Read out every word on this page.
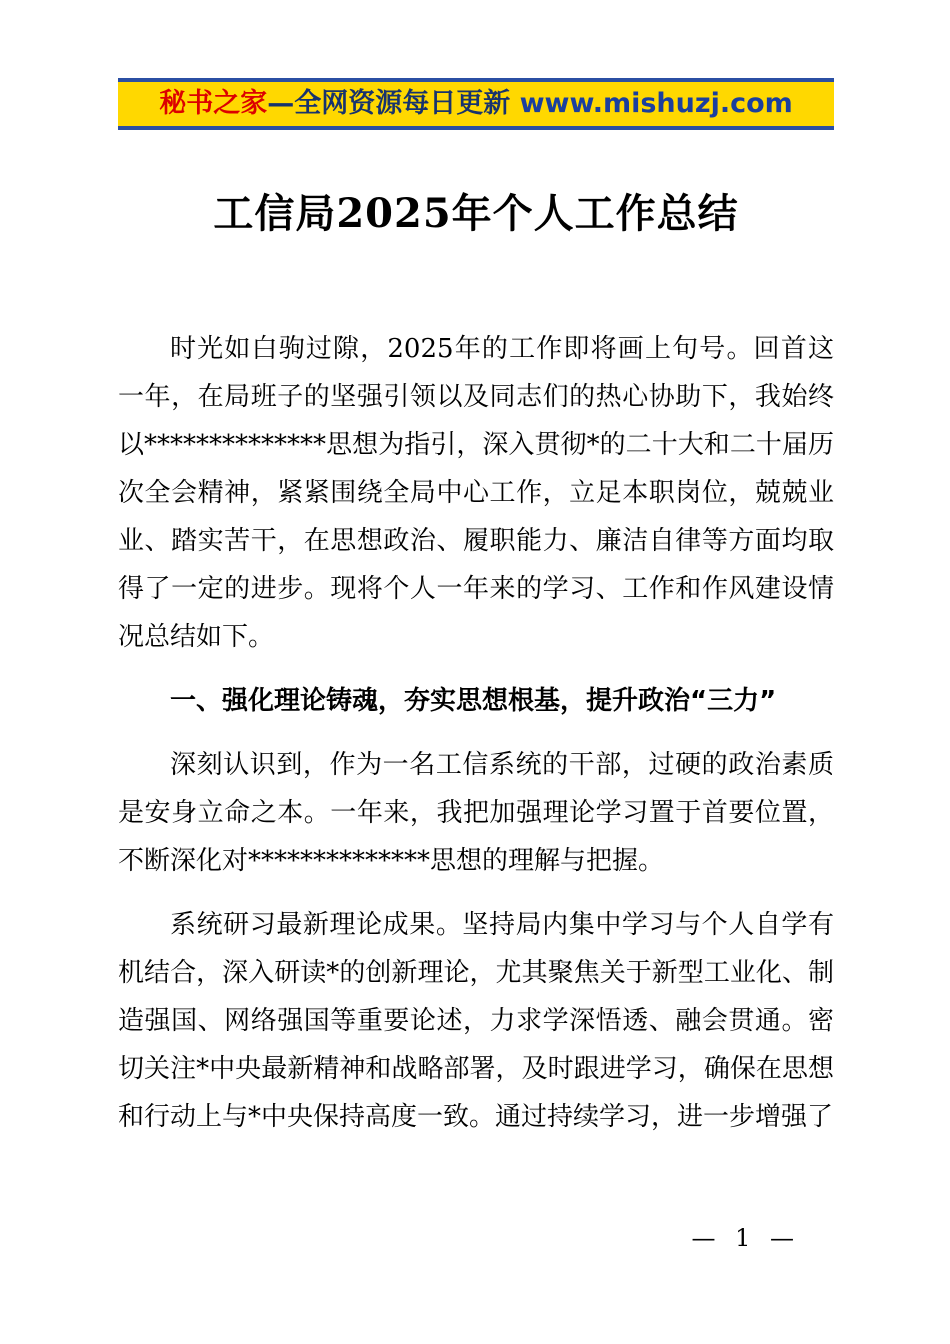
秘书之家—全网资源每日更新 www.mishuzj.com
工信局2025年个人工作总结

时光如白驹过隙，2025年的工作即将画上句号。回首这一年，在局班子的坚强引领以及同志们的热心协助下，我始终以**************思想为指引，深入贯彻*的二十大和二十届历次全会精神，紧紧围绕全局中心工作，立足本职岗位，兢兢业业、踏实苦干，在思想政治、履职能力、廉洁自律等方面均取得了一定的进步。现将个人一年来的学习、工作和作风建设情况总结如下。

一、强化理论铸魂，夯实思想根基，提升政治“三力”

深刻认识到，作为一名工信系统的干部，过硬的政治素质是安身立命之本。一年来，我把加强理论学习置于首要位置，不断深化对**************思想的理解与把握。

系统研习最新理论成果。坚持局内集中学习与个人自学有机结合，深入研读*的创新理论，尤其聚焦关于新型工业化、制造强国、网络强国等重要论述，力求学深悟透、融会贯通。密切关注*中央最新精神和战略部署，及时跟进学习，确保在思想和行动上与*中央保持高度一致。通过持续学习，进一步增强了

— 1 —
